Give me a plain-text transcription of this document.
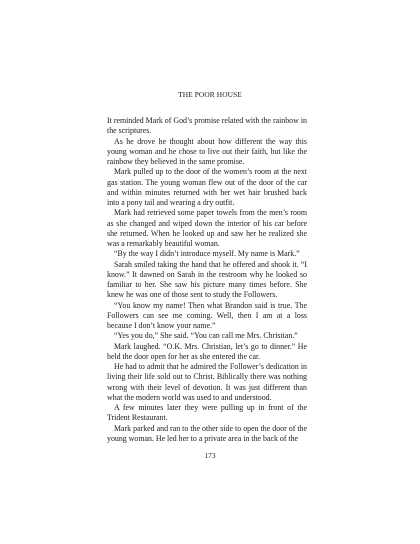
THE POOR HOUSE

It reminded Mark of God’s promise related with the rainbow in the scriptures.

As he drove he thought about how different the way this young woman and he chose to live out their faith, but like the rainbow they believed in the same promise.

Mark pulled up to the door of the women’s room at the next gas station. The young woman flew out of the door of the car and within minutes returned with her wet hair brushed back into a pony tail and wearing a dry outfit.

Mark had retrieved some paper towels from the men’s room as she changed and wiped down the interior of his car before she returned. When he looked up and saw her he realized she was a remarkably beautiful woman.

“By the way I didn’t introduce myself. My name is Mark.”

Sarah smiled taking the hand that he offered and shook it. “I know.” It dawned on Sarah in the restroom why he looked so familiar to her. She saw his picture many times before. She knew he was one of those sent to study the Followers.

“You know my name! Then what Brandon said is true. The Followers can see me coming. Well, then I am at a loss because I don’t know your name.”

“Yes you do,” She said. “You can call me Mrs. Christian.”

Mark laughed. “O.K. Mrs. Christian, let’s go to dinner.” He held the door open for her as she entered the car.

He had to admit that he admired the Follower’s dedication in living their life sold out to Christ. Biblically there was nothing wrong with their level of devotion. It was just different than what the modern world was used to and understood.

A few minutes later they were pulling up in front of the Trident Restaurant.

Mark parked and ran to the other side to open the door of the young woman. He led her to a private area in the back of the

173
